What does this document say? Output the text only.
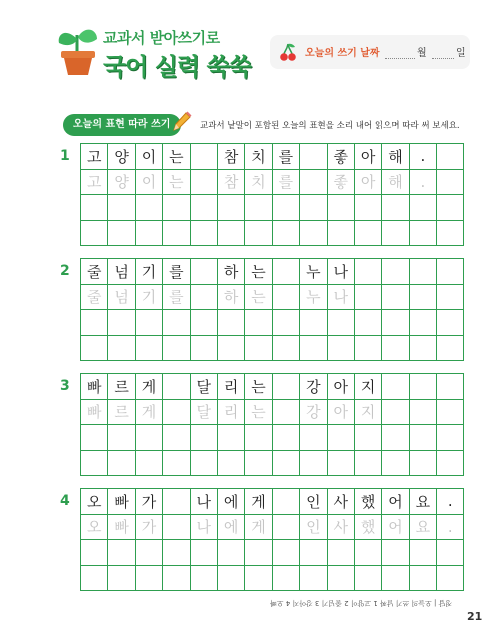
교과서 받아쓰기로
국어 실력 쑥쑥	오늘의 쓰기 날짜	월	일
오늘의 표현 따라 쓰기	교과서 낱말이 포함된 오늘의 표현을 소리 내어 읽으며 따라 써 보세요.
1	고 양 이 는	참 치 를	좋 아 해	.
고 양 이 는	참 치 를	좋 아 해	.
2	줄 넘 기 를	하 는	누 나
줄 넘 기 를	하 는	누 나
3	빠 르 게	달 리 는	강 아 지
빠 르 게	달 리 는	강 아 지
4	오 빠 가	나 에 게	인 사 했 어 요	.
오 빠 가	나 에 게	인 사 했 어 요	.
정답 | 오늘의 쓰기 날짜 1 고양이 2 줄넘기 3 강아지 4 오빠
21
